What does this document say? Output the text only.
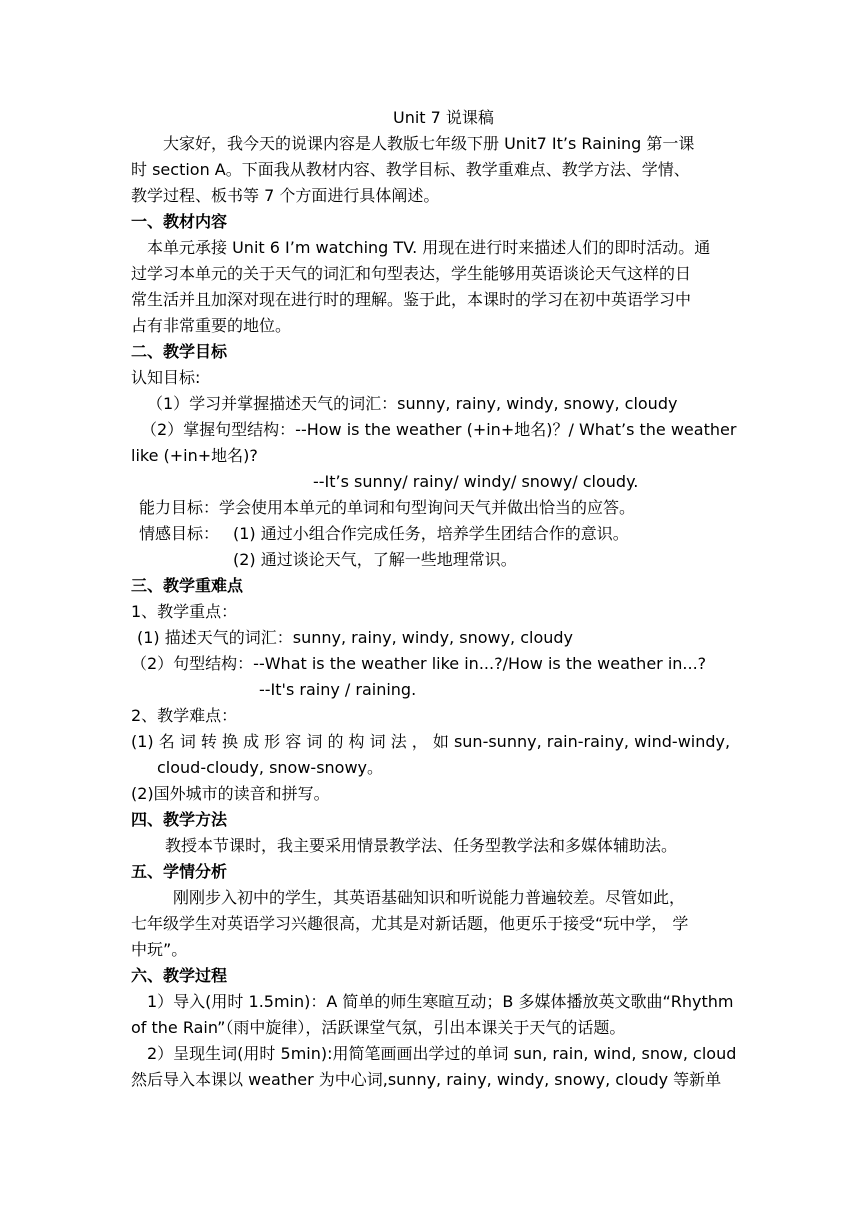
Unit 7 说课稿
大家好，我今天的说课内容是人教版七年级下册 Unit7 It’s Raining 第一课
时 section A。下面我从教材内容、教学目标、教学重难点、教学方法、学情、
教学过程、板书等 7 个方面进行具体阐述。
一、教材内容
本单元承接 Unit 6 I’m watching TV. 用现在进行时来描述人们的即时活动。通
过学习本单元的关于天气的词汇和句型表达，学生能够用英语谈论天气这样的日
常生活并且加深对现在进行时的理解。鉴于此，本课时的学习在初中英语学习中
占有非常重要的地位。
二、教学目标
认知目标:
（1）学习并掌握描述天气的词汇：sunny, rainy, windy, snowy, cloudy
（2）掌握句型结构：--How is the weather (+in+地名)？/ What’s the weather
like (+in+地名)?
--It’s sunny/ rainy/ windy/ snowy/ cloudy.
能力目标：学会使用本单元的单词和句型询问天气并做出恰当的应答。
情感目标： (1) 通过小组合作完成任务，培养学生团结合作的意识。
(2) 通过谈论天气，了解一些地理常识。
三、教学重难点
1、教学重点：
(1) 描述天气的词汇：sunny, rainy, windy, snowy, cloudy
（2）句型结构：--What is the weather like in...?/How is the weather in...?
--It's rainy / raining.
2、教学难点：
(1) 名 词 转 换 成 形 容 词 的 构 词 法 ， 如 sun-sunny, rain-rainy, wind-windy,
cloud-cloudy, snow-snowy。
(2)国外城市的读音和拼写。
四、教学方法
教授本节课时，我主要采用情景教学法、任务型教学法和多媒体辅助法。
五、学情分析
刚刚步入初中的学生，其英语基础知识和听说能力普遍较差。尽管如此，
七年级学生对英语学习兴趣很高，尤其是对新话题，他更乐于接受“玩中学， 学
中玩”。
六、教学过程
1）导入(用时 1.5min)：A 简单的师生寒暄互动；B 多媒体播放英文歌曲“Rhythm
of the Rain”（雨中旋律），活跃课堂气氛，引出本课关于天气的话题。
2）呈现生词(用时 5min):用简笔画画出学过的单词 sun, rain, wind, snow, cloud
然后导入本课以 weather 为中心词,sunny, rainy, windy, snowy, cloudy 等新单
